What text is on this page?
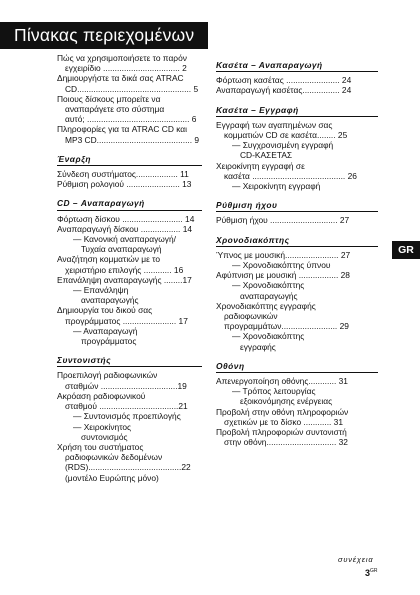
Πίνακας περιεχομένων
Πώς να χρησιμοποιήσετε το παρόν
εγχειρίδιο ................................. 2
Δημιουργήστε τα δικά σας ATRAC
CD................................................. 5
Ποιους δίσκους μπορείτε να
αναπαράγετε στο σύστημα
αυτό; ............................................ 6
Πληροφορίες για τα ATRAC CD και
MP3 CD......................................... 9
Έναρξη
Σύνδεση συστήματος.................. 11
Ρύθμιση ρολογιού ....................... 13
CD – Αναπαραγωγή
Φόρτωση δίσκου .......................... 14
Αναπαραγωγή δίσκου ................. 14
— Κανονική αναπαραγωγή/
Τυχαία αναπαραγωγή
Αναζήτηση κομματιών με το
χειριστήριο επιλογής ............ 16
Επανάληψη αναπαραγωγής ........17
— Επανάληψη
αναπαραγωγής
Δημιουργία του δικού σας
προγράμματος ....................... 17
— Αναπαραγωγή
προγράμματος
Συντονιστής
Προεπιλογή ραδιοφωνικών
σταθμών .................................19
Ακρόαση ραδιοφωνικού
σταθμού ..................................21
— Συντονισμός προεπιλογής
— Χειροκίνητος
συντονισμός
Χρήση του συστήματος
ραδιοφωνικών δεδομένων
(RDS)........................................22
(μοντέλο Ευρώπης μόνο)
Κασέτα – Αναπαραγωγή
Φόρτωση κασέτας ....................... 24
Αναπαραγωγή κασέτας................ 24
Κασέτα – Εγγραφή
Εγγραφή των αγαπημένων σας
κομματιών CD σε κασέτα........ 25
— Συγχρονισμένη εγγραφή
CD-ΚΑΣΕΤΑΣ
Χειροκίνητη εγγραφή σε
κασέτα ........................................ 26
— Χειροκίνητη εγγραφή
Ρύθμιση ήχου
Ρύθμιση ήχου ............................. 27
Χρονοδιακόπτης
Ύπνος με μουσική....................... 27
— Χρονοδιακόπτης ύπνου
Αφύπνιση με μουσική ................. 28
— Χρονοδιακόπτης
αναπαραγωγής
Χρονοδιακόπτης εγγραφής
ραδιοφωνικών
προγραμμάτων........................ 29
— Χρονοδιακόπτης
εγγραφής
Οθόνη
Απενεργοποίηση οθόνης............ 31
— Τρόπος λειτουργίας
εξοικονόμησης ενέργειας
Προβολή στην οθόνη πληροφοριών
σχετικών με το δίσκο ............ 31
Προβολή πληροφοριών συντονιστή
στην οθόνη.............................. 32
GR
συνέχεια
$3^{GR}$
